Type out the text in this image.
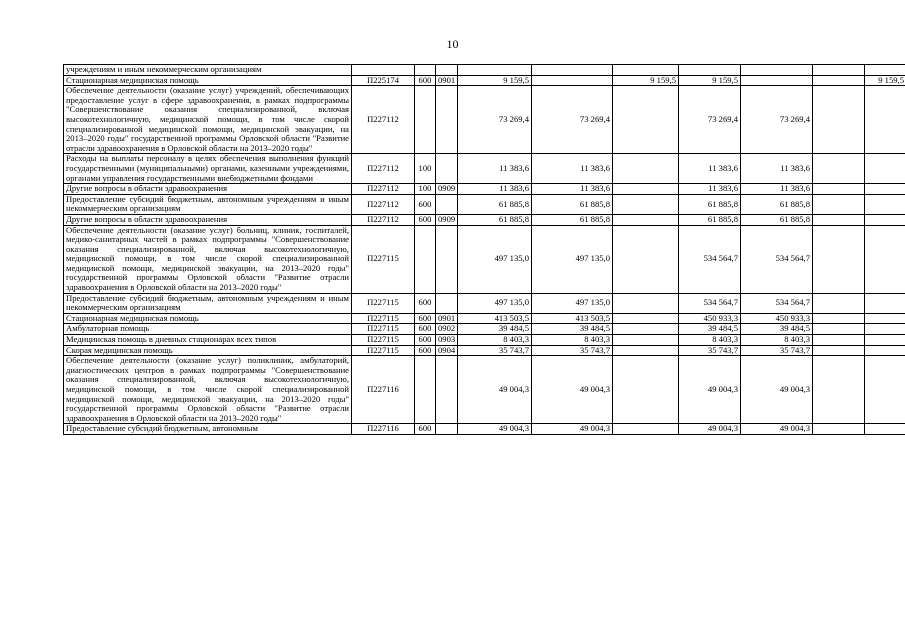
10
учреждениям и иным некоммерческим организациям										
Стационарная медицинская помощь	П225174	600	0901	9 159,5		9 159,5	9 159,5			9 159,5
Обеспечение деятельности (оказание услуг) учреждений, обеспечивающих предоставление услуг в сфере здравоохранения, в рамках подпрограммы "Совершенствование оказания специализированной, включая высокотехнологичную, медицинской помощи, в том числе скорой специализированной медицинской помощи, медицинской эвакуации, на 2013–2020 годы" государственной программы Орловской области "Развитие отрасли здравоохранения в Орловской области на 2013–2020 годы"	П227112			73 269,4	73 269,4		73 269,4	73 269,4		
Расходы на выплаты персоналу в целях обеспечения выполнения функций государственными (муниципальными) органами, казенными учреждениями, органами управления государственными внебюджетными фондами	П227112	100		11 383,6	11 383,6		11 383,6	11 383,6		
Другие вопросы в области здравоохранения	П227112	100	0909	11 383,6	11 383,6		11 383,6	11 383,6		
Предоставление субсидий бюджетным, автономным учреждениям и иным некоммерческим организациям	П227112	600		61 885,8	61 885,8		61 885,8	61 885,8		
Другие вопросы в области здравоохранения	П227112	600	0909	61 885,8	61 885,8		61 885,8	61 885,8		
Обеспечение деятельности (оказание услуг) больниц, клиник, госпиталей, медико-санитарных частей в рамках подпрограммы "Совершенствование оказания специализированной, включая высокотехнологичную, медицинской помощи, в том числе скорой специализированной медицинской помощи, медицинской эвакуации, на 2013–2020 годы" государственной программы Орловской области "Развитие отрасли здравоохранения в Орловской области на 2013–2020 годы"	П227115			497 135,0	497 135,0		534 564,7	534 564,7		
Предоставление субсидий бюджетным, автономным учреждениям и иным некоммерческим организациям	П227115	600		497 135,0	497 135,0		534 564,7	534 564,7		
Стационарная медицинская помощь	П227115	600	0901	413 503,5	413 503,5		450 933,3	450 933,3		
Амбулаторная помощь	П227115	600	0902	39 484,5	39 484,5		39 484,5	39 484,5		
Медицинская помощь в дневных стационарах всех типов	П227115	600	0903	8 403,3	8 403,3		8 403,3	8 403,3		
Скорая медицинская помощь	П227115	600	0904	35 743,7	35 743,7		35 743,7	35 743,7		
Обеспечение деятельности (оказание услуг) поликлиник, амбулаторий, диагностических центров в рамках подпрограммы "Совершенствование оказания специализированной, включая высокотехнологичную, медицинской помощи, в том числе скорой специализированной медицинской помощи, медицинской эвакуации, на 2013–2020 годы" государственной программы Орловской области "Развитие отрасли здравоохранения в Орловской области на 2013–2020 годы"	П227116			49 004,3	49 004,3		49 004,3	49 004,3		
Предоставление субсидий бюджетным, автономным	П227116	600		49 004,3	49 004,3		49 004,3	49 004,3		
